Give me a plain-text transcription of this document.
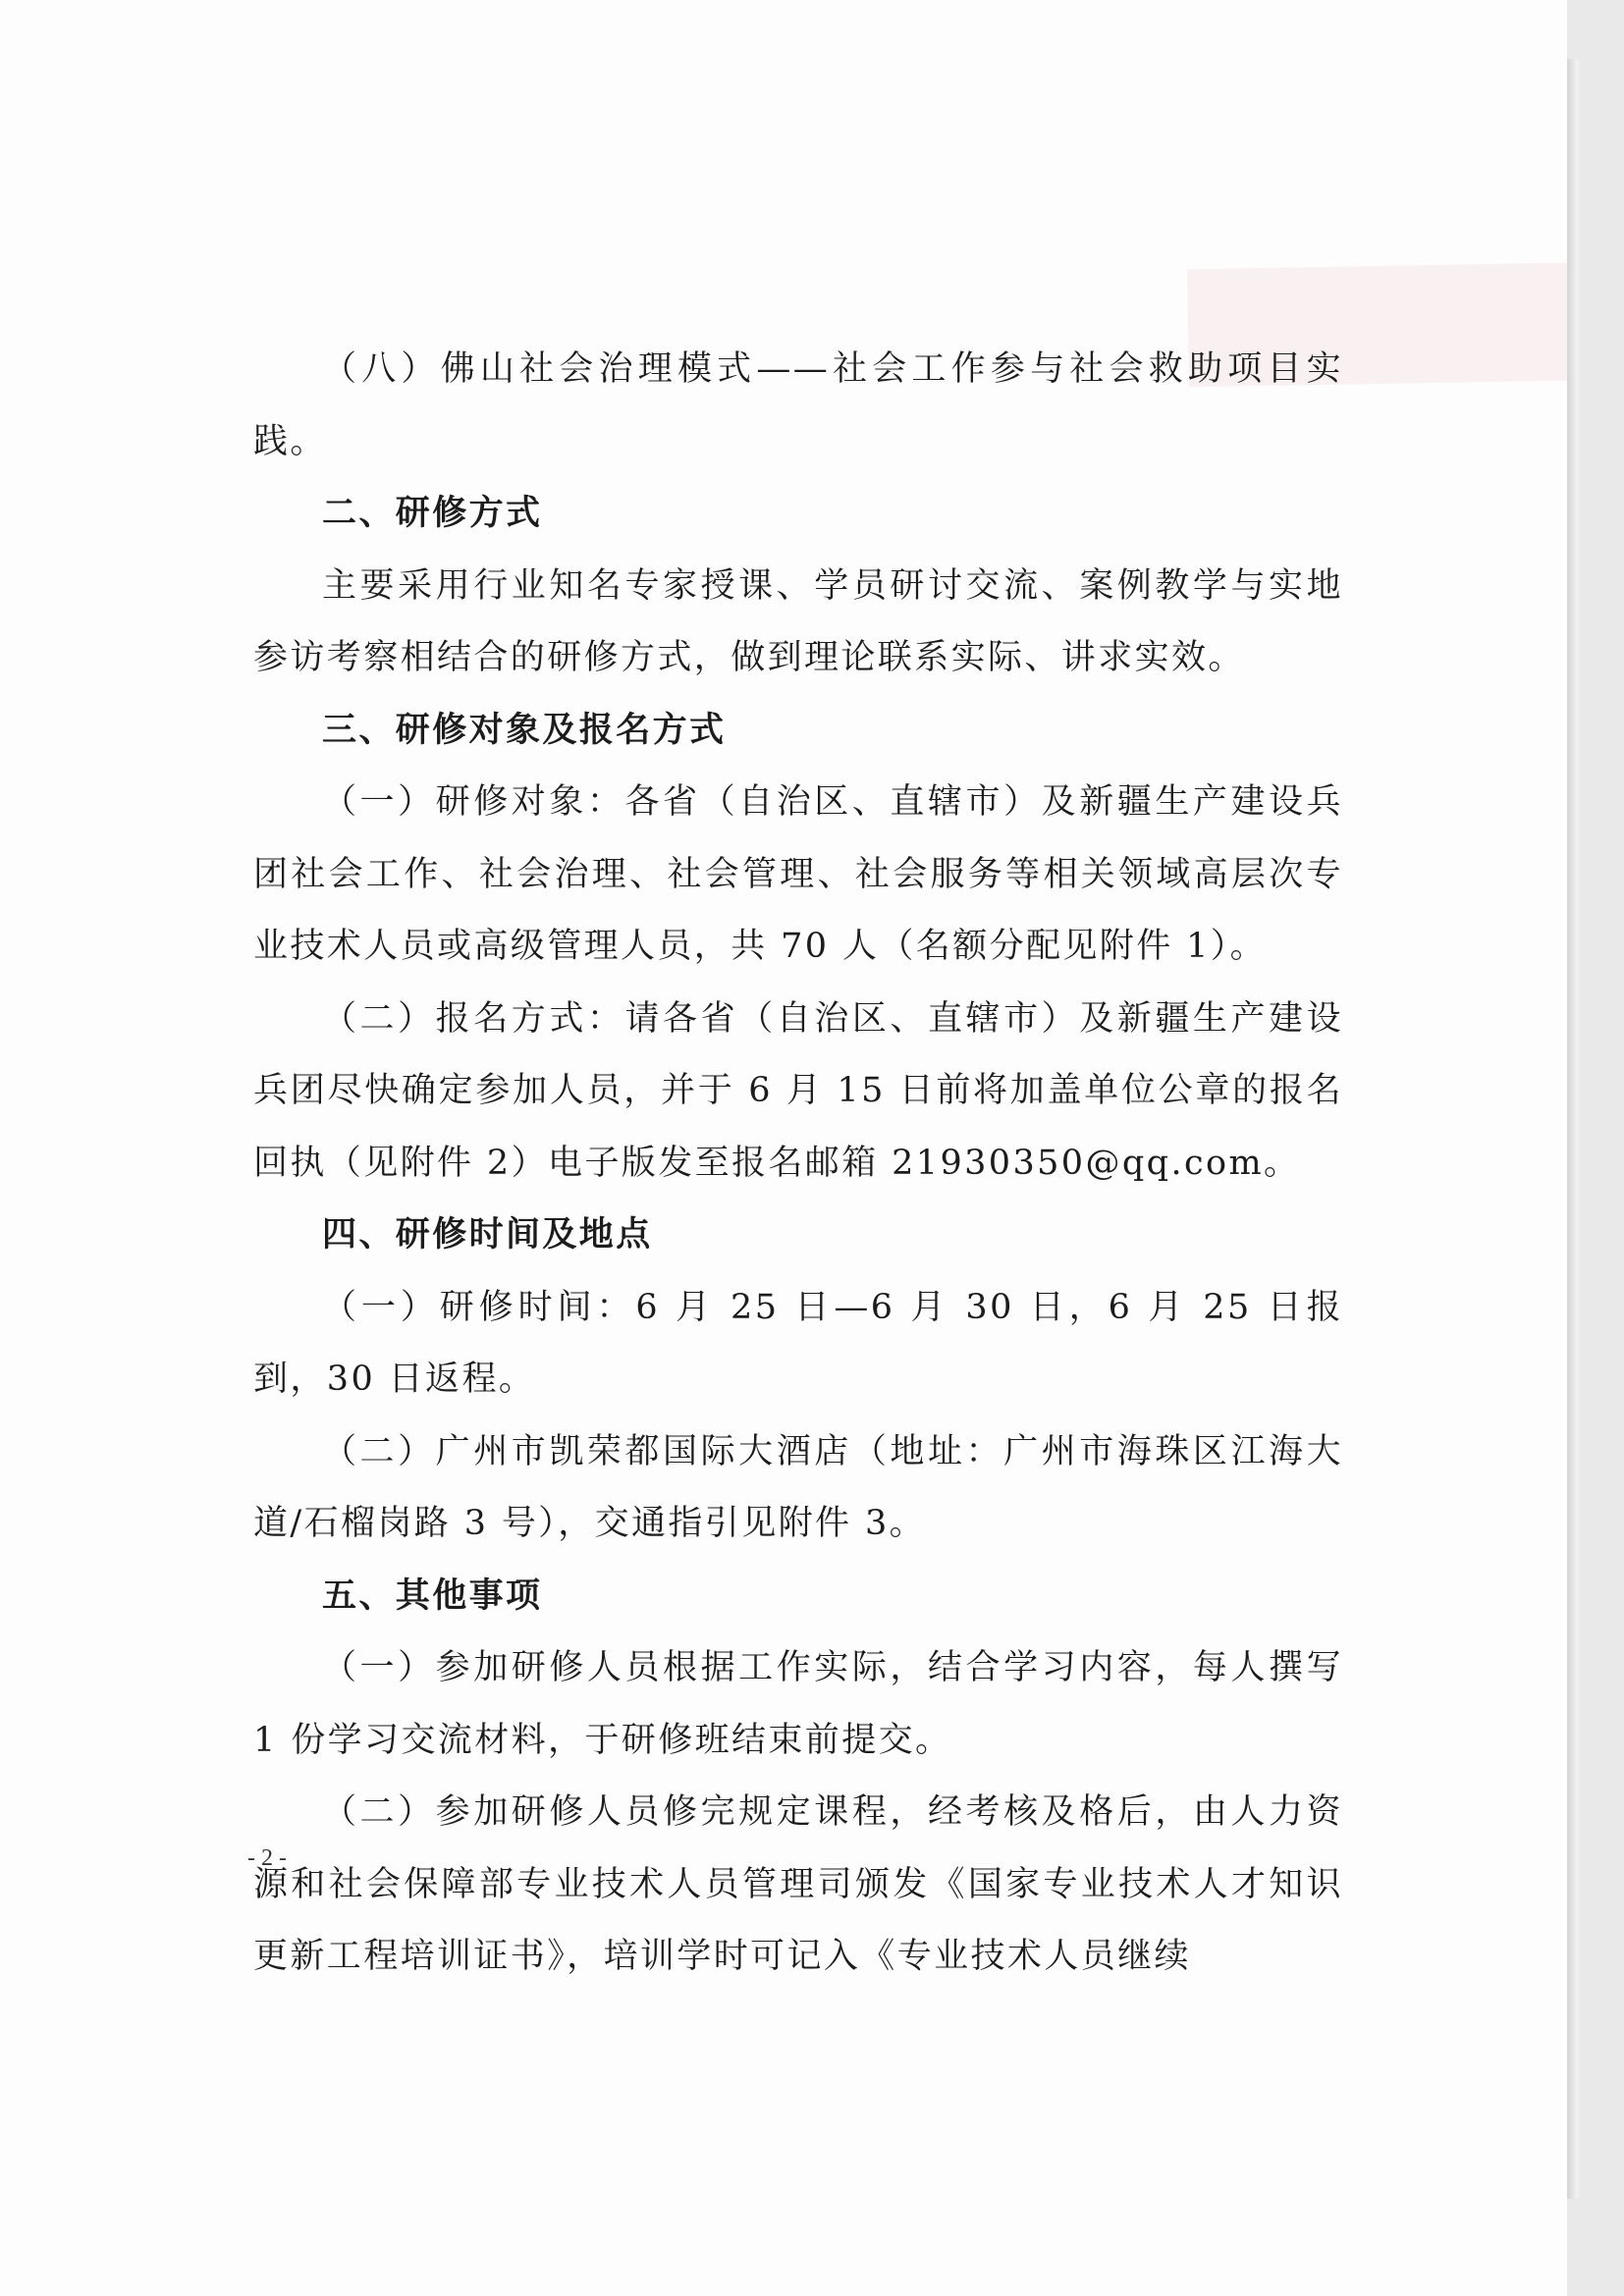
（八）佛山社会治理模式——社会工作参与社会救助项目实践。

二、研修方式

主要采用行业知名专家授课、学员研讨交流、案例教学与实地参访考察相结合的研修方式，做到理论联系实际、讲求实效。

三、研修对象及报名方式

（一）研修对象：各省（自治区、直辖市）及新疆生产建设兵团社会工作、社会治理、社会管理、社会服务等相关领域高层次专业技术人员或高级管理人员，共 70 人（名额分配见附件 1）。

（二）报名方式：请各省（自治区、直辖市）及新疆生产建设兵团尽快确定参加人员，并于 6 月 15 日前将加盖单位公章的报名回执（见附件 2）电子版发至报名邮箱 21930350@qq.com。

四、研修时间及地点

（一）研修时间：6 月 25 日—6 月 30 日，6 月 25 日报到，30 日返程。

（二）广州市凯荣都国际大酒店（地址：广州市海珠区江海大道/石榴岗路 3 号），交通指引见附件 3。

五、其他事项

（一）参加研修人员根据工作实际，结合学习内容，每人撰写 1 份学习交流材料，于研修班结束前提交。

（二）参加研修人员修完规定课程，经考核及格后，由人力资源和社会保障部专业技术人员管理司颁发《国家专业技术人才知识更新工程培训证书》，培训学时可记入《专业技术人员继续

- 2 -
